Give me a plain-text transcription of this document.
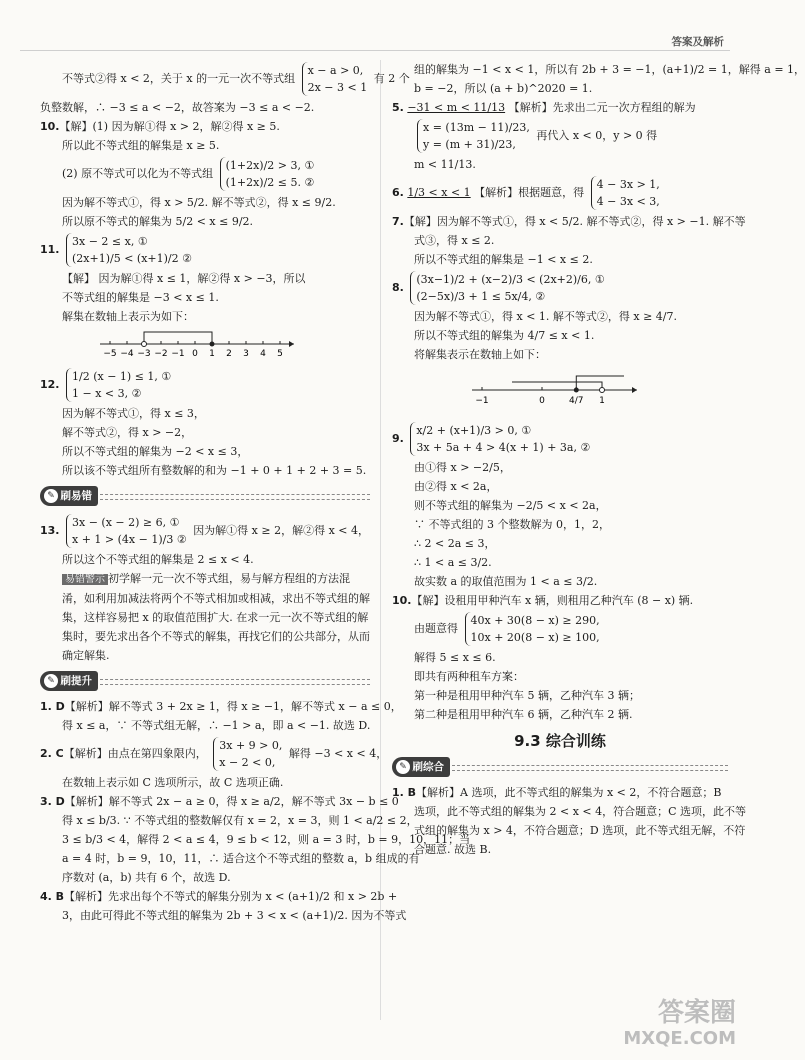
答案及解析
不等式②得 x < 2，关于 x 的一元一次不等式组
x − a > 0,
2x − 3 < 1
有 2 个
负整数解，∴ −3 ≤ a < −2，故答案为 −3 ≤ a < −2.
10.【解】(1) 因为解①得 x > 2，解②得 x ≥ 5.
所以此不等式组的解集是 x ≥ 5.
(2) 原不等式可以化为不等式组
(1+2x)/2 > 3, ①
(1+2x)/2 ≤ 5. ②
因为解不等式①，得 x > 5/2. 解不等式②，得 x ≤ 9/2.
所以原不等式的解集为 5/2 < x ≤ 9/2.
11.
3x − 2 ≤ x, ①
(2x+1)/5 < (x+1)/2 ②
【解】 因为解①得 x ≤ 1，解②得 x > −3，所以
不等式组的解集是 −3 < x ≤ 1.
解集在数轴上表示为如下：
−5 −4 −3 −2 −1 0 1 2 3 4 5
12.
1/2 (x − 1) ≤ 1, ①
1 − x < 3, ②
因为解不等式①，得 x ≤ 3，
解不等式②，得 x > −2，
所以不等式组的解集为 −2 < x ≤ 3，
所以该不等式组所有整数解的和为 −1 + 0 + 1 + 2 + 3 = 5.
✎ 刷易错
13.
3x − (x − 2) ≥ 6, ①
x + 1 > (4x − 1)/3 ②
因为解①得 x ≥ 2，解②得 x < 4，
所以这个不等式组的解集是 2 ≤ x < 4.
易错警示 初学解一元一次不等式组，易与解方程组的方法混
淆，如利用加减法将两个不等式相加或相减，求出不等式组的解
集，这样容易把 x 的取值范围扩大. 在求一元一次不等式组的解
集时，要先求出各个不等式的解集，再找它们的公共部分，从而
确定解集.
✎ 刷提升
1. D【解析】解不等式 3 + 2x ≥ 1，得 x ≥ −1，解不等式 x − a ≤ 0，
得 x ≤ a，∵ 不等式组无解，∴ −1 > a，即 a < −1. 故选 D.
2. C【解析】由点在第四象限内，
3x + 9 > 0,
x − 2 < 0,
解得 −3 < x < 4，
在数轴上表示如 C 选项所示，故 C 选项正确.
3. D【解析】解不等式 2x − a ≥ 0，得 x ≥ a/2，解不等式 3x − b ≤ 0
得 x ≤ b/3. ∵ 不等式组的整数解仅有 x = 2，x = 3，则 1 < a/2 ≤ 2，
3 ≤ b/3 < 4，解得 2 < a ≤ 4，9 ≤ b < 12，则 a = 3 时，b = 9，10，11；当
a = 4 时，b = 9，10，11，∴ 适合这个不等式组的整数 a，b 组成的有
序数对 (a，b) 共有 6 个，故选 D.
4. B【解析】先求出每个不等式的解集分别为 x < (a+1)/2 和 x > 2b +
3，由此可得此不等式组的解集为 2b + 3 < x < (a+1)/2. 因为不等式
组的解集为 −1 < x < 1，所以有 2b + 3 = −1，(a+1)/2 = 1，解得 a = 1，
b = −2，所以 (a + b)^2020 = 1.
5. −31 < m < 11/13 【解析】先求出二元一次方程组的解为
x = (13m − 11)/23,
y = (m + 31)/23,
再代入 x < 0，y > 0 得
m < 11/13.
6. 1/3 < x < 1 【解析】根据题意，得
4 − 3x > 1,
4 − 3x < 3,
7.【解】因为解不等式①，得 x < 5/2. 解不等式②，得 x > −1. 解不等
式③，得 x ≤ 2.
所以不等式组的解集是 −1 < x ≤ 2.
8.
(3x−1)/2 + (x−2)/3 < (2x+2)/6, ①
(2−5x)/3 + 1 ≤ 5x/4, ②
因为解不等式①，得 x < 1. 解不等式②，得 x ≥ 4/7.
所以不等式组的解集为 4/7 ≤ x < 1.
将解集表示在数轴上如下：
−1	0	4/7 1
9.
x/2 + (x+1)/3 > 0, ①
3x + 5a + 4 > 4(x + 1) + 3a, ②
由①得 x > −2/5，
由②得 x < 2a，
则不等式组的解集为 −2/5 < x < 2a，
∵ 不等式组的 3 个整数解为 0，1，2，
∴ 2 < 2a ≤ 3，
∴ 1 < a ≤ 3/2.
故实数 a 的取值范围为 1 < a ≤ 3/2.
10.【解】设租用甲种汽车 x 辆，则租用乙种汽车 (8 − x) 辆.
由题意得
40x + 30(8 − x) ≥ 290,
10x + 20(8 − x) ≥ 100,
解得 5 ≤ x ≤ 6.
即共有两种租车方案：
第一种是租用甲种汽车 5 辆，乙种汽车 3 辆；
第二种是租用甲种汽车 6 辆，乙种汽车 2 辆.
9.3 综合训练
✎ 刷综合
1. B【解析】A 选项，此不等式组的解集为 x < 2，不符合题意；B
选项，此不等式组的解集为 2 < x < 4，符合题意；C 选项，此不等
式组的解集为 x > 4，不符合题意；D 选项，此不等式组无解，不符
合题意. 故选 B.
答案圈
MXQE.COM
